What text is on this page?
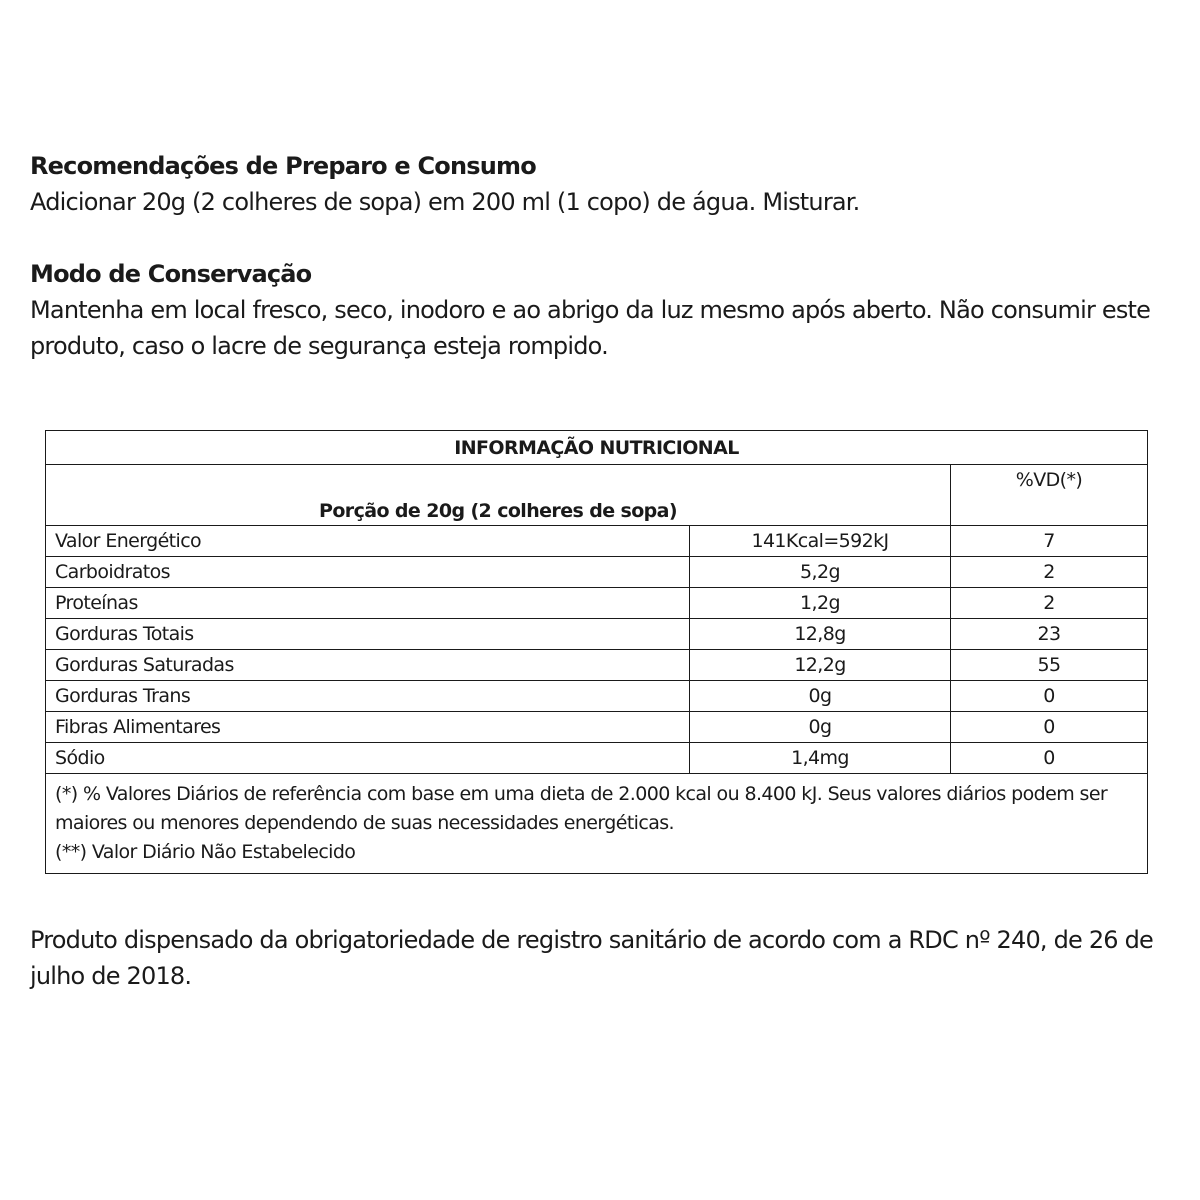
Recomendações de Preparo e Consumo

Adicionar 20g (2 colheres de sopa) em 200 ml (1 copo) de água. Misturar.

Modo de Conservação

Mantenha em local fresco, seco, inodoro e ao abrigo da luz mesmo após aberto. Não consumir este produto, caso o lacre de segurança esteja rompido.

INFORMAÇÃO NUTRICIONAL		
Porção de 20g (2 colheres de sopa)		%VD(*)
Valor Energético	141Kcal=592kJ	7
Carboidratos	5,2g	2
Proteínas	1,2g	2
Gorduras Totais	12,8g	23
Gorduras Saturadas	12,2g	55
Gorduras Trans	0g	0
Fibras Alimentares	0g	0
Sódio	1,4mg	0

(*) % Valores Diários de referência com base em uma dieta de 2.000 kcal ou 8.400 kJ. Seus valores diários podem ser maiores ou menores dependendo de suas necessidades energéticas.
(**) Valor Diário Não Estabelecido		

Produto dispensado da obrigatoriedade de registro sanitário de acordo com a RDC nº 240, de 26 de julho de 2018.
